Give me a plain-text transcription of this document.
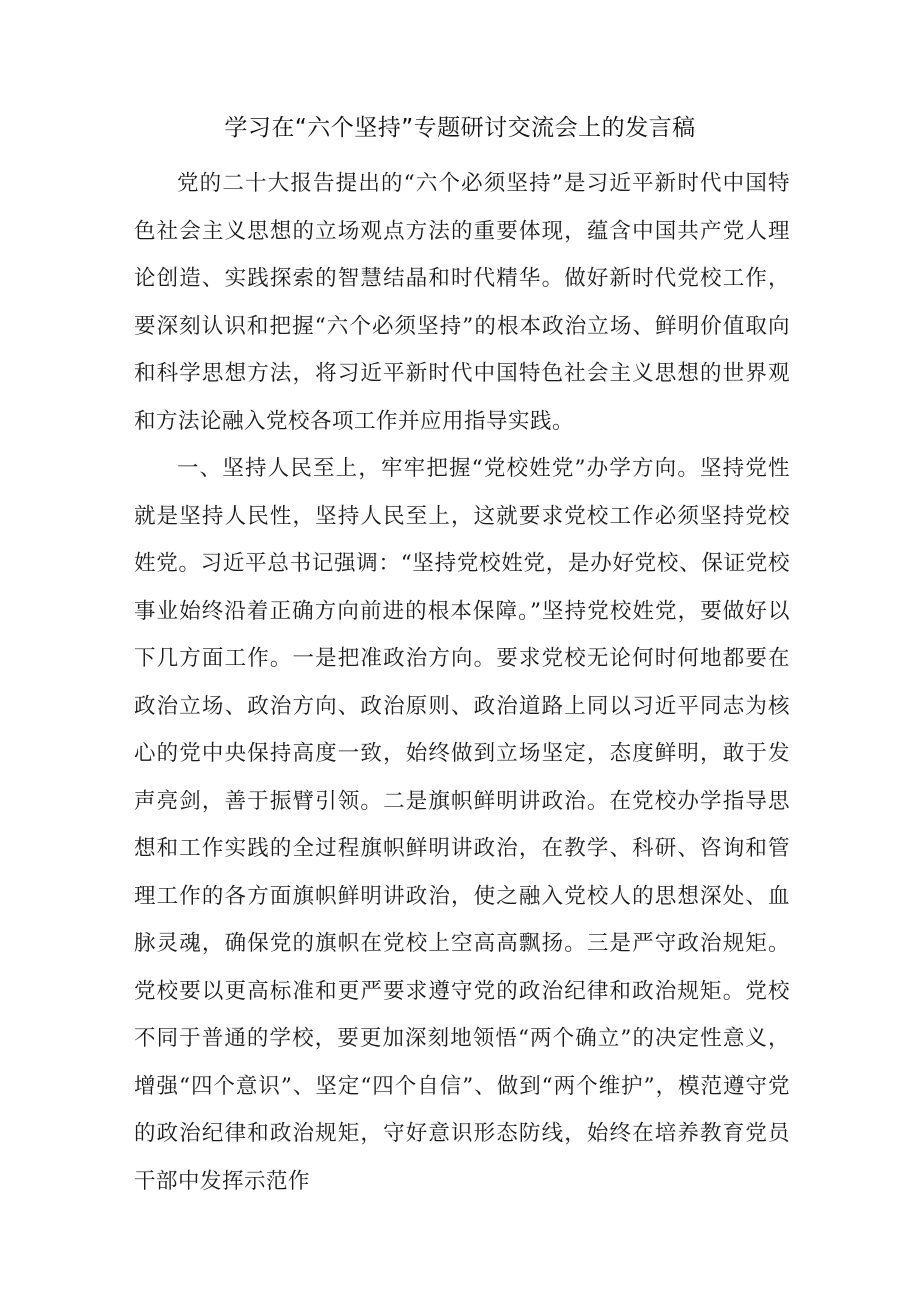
学习在“六个坚持”专题研讨交流会上的发言稿

党的二十大报告提出的“六个必须坚持”是习近平新时代中国特色社会主义思想的立场观点方法的重要体现，蕴含中国共产党人理论创造、实践探索的智慧结晶和时代精华。做好新时代党校工作，要深刻认识和把握“六个必须坚持”的根本政治立场、鲜明价值取向和科学思想方法，将习近平新时代中国特色社会主义思想的世界观和方法论融入党校各项工作并应用指导实践。

一、坚持人民至上，牢牢把握“党校姓党”办学方向。坚持党性就是坚持人民性，坚持人民至上，这就要求党校工作必须坚持党校姓党。习近平总书记强调：“坚持党校姓党，是办好党校、保证党校事业始终沿着正确方向前进的根本保障。”坚持党校姓党，要做好以下几方面工作。一是把准政治方向。要求党校无论何时何地都要在政治立场、政治方向、政治原则、政治道路上同以习近平同志为核心的党中央保持高度一致，始终做到立场坚定，态度鲜明，敢于发声亮剑，善于振臂引领。二是旗帜鲜明讲政治。在党校办学指导思想和工作实践的全过程旗帜鲜明讲政治，在教学、科研、咨询和管理工作的各方面旗帜鲜明讲政治，使之融入党校人的思想深处、血脉灵魂，确保党的旗帜在党校上空高高飘扬。三是严守政治规矩。党校要以更高标准和更严要求遵守党的政治纪律和政治规矩。党校不同于普通的学校，要更加深刻地领悟“两个确立”的决定性意义，增强“四个意识”、坚定“四个自信”、做到“两个维护”，模范遵守党的政治纪律和政治规矩，守好意识形态防线，始终在培养教育党员干部中发挥示范作
